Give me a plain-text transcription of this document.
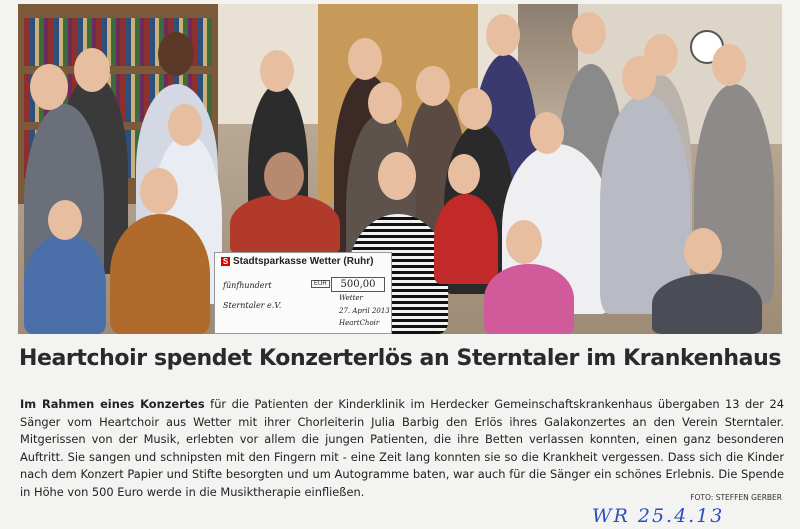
S Stadtsparkasse Wetter (Ruhr)
fünfhundert	EUR	500,00
Sterntaler e.V.
Wetter
27. April 2013
HeartChoir
Heartchoir spendet Konzerterlös an Sterntaler im Krankenhaus
Im Rahmen eines Konzertes für die Patienten der Kinderklinik im Herdecker Gemeinschaftskrankenhaus übergaben 13 der 24 Sänger vom Heartchoir aus Wetter mit ihrer Chorleiterin Julia Barbig den Erlös ihres Galakonzertes an den Verein Sterntaler. Mitgerissen von der Musik, erlebten vor allem die jungen Patienten, die ihre Betten verlassen konnten, einen ganz besonderen Auftritt. Sie sangen und schnipsten mit den Fingern mit - eine Zeit lang konnten sie so die Krankheit vergessen. Dass sich die Kinder nach dem Konzert Papier und Stifte besorgten und um Autogramme baten, war auch für die Sänger ein schönes Erlebnis. Die Spende in Höhe von 500 Euro werde in die Musiktherapie einfließen.	FOTO: STEFFEN GERBER
WR 25.4.13
